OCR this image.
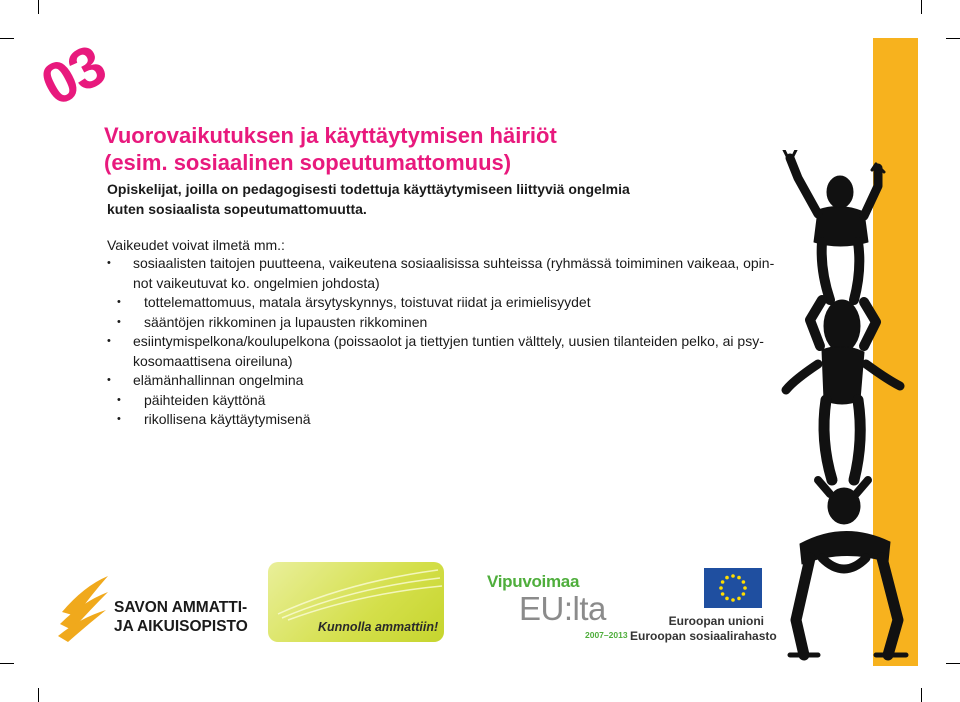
03
Vuorovaikutuksen ja käyttäytymisen häiriöt
(esim. sosiaalinen sopeutumattomuus)

Opiskelijat, joilla on pedagogisesti todettuja käyttäytymiseen liittyviä ongelmia
kuten sosiaalista sopeutumattomuutta.

Vaikeudet voivat ilmetä mm.:

• sosiaalisten taitojen puutteena, vaikeutena sosiaalisissa suhteissa (ryhmässä toimiminen vaikeaa, opin-
not vaikeutuvat ko. ongelmien johdosta)
• tottelemattomuus, matala ärsytyskynnys, toistuvat riidat ja erimielisyydet
• sääntöjen rikkominen ja lupausten rikkominen
• esiintymispelkona/koulupelkona (poissaolot ja tiettyjen tuntien välttely, uusien tilanteiden pelko, ai psy-
kosomaattisena oireiluna)
• elämänhallinnan ongelmina
• päihteiden käyttönä
• rikollisena käyttäytymisenä
SAVON AMMATTI-
JA AIKUISOPISTO	Kunnolla ammattiin!
Vipuvoimaa
EU:lta
2007–2013
Euroopan unioni
Euroopan sosiaalirahasto
